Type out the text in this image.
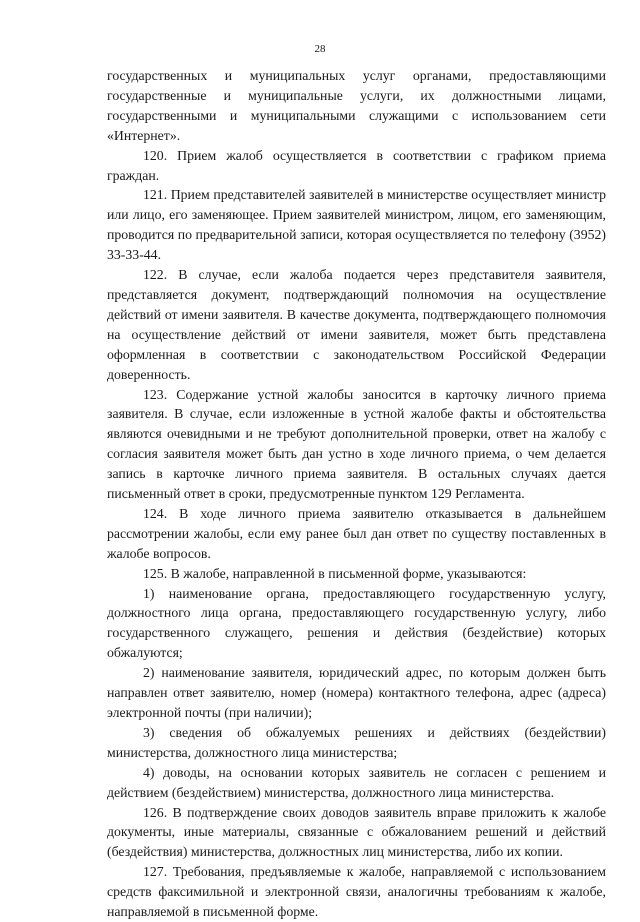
28

государственных и муниципальных услуг органами, предоставляющими государственные и муниципальные услуги, их должностными лицами, государственными и муниципальными служащими с использованием сети «Интернет».

120. Прием жалоб осуществляется в соответствии с графиком приема граждан.

121. Прием представителей заявителей в министерстве осуществляет министр или лицо, его заменяющее. Прием заявителей министром, лицом, его заменяющим, проводится по предварительной записи, которая осуществляется по телефону (3952) 33-33-44.

122. В случае, если жалоба подается через представителя заявителя, представляется документ, подтверждающий полномочия на осуществление действий от имени заявителя. В качестве документа, подтверждающего полномочия на осуществление действий от имени заявителя, может быть представлена оформленная в соответствии с законодательством Российской Федерации доверенность.

123. Содержание устной жалобы заносится в карточку личного приема заявителя. В случае, если изложенные в устной жалобе факты и обстоятельства являются очевидными и не требуют дополнительной проверки, ответ на жалобу с согласия заявителя может быть дан устно в ходе личного приема, о чем делается запись в карточке личного приема заявителя. В остальных случаях дается письменный ответ в сроки, предусмотренные пунктом 129 Регламента.

124. В ходе личного приема заявителю отказывается в дальнейшем рассмотрении жалобы, если ему ранее был дан ответ по существу поставленных в жалобе вопросов.

125. В жалобе, направленной в письменной форме, указываются:

1) наименование органа, предоставляющего государственную услугу, должностного лица органа, предоставляющего государственную услугу, либо государственного служащего, решения и действия (бездействие) которых обжалуются;

2) наименование заявителя, юридический адрес, по которым должен быть направлен ответ заявителю, номер (номера) контактного телефона, адрес (адреса) электронной почты (при наличии);

3) сведения об обжалуемых решениях и действиях (бездействии) министерства, должностного лица министерства;

4) доводы, на основании которых заявитель не согласен с решением и действием (бездействием) министерства, должностного лица министерства.

126. В подтверждение своих доводов заявитель вправе приложить к жалобе документы, иные материалы, связанные с обжалованием решений и действий (бездействия) министерства, должностных лиц министерства, либо их копии.

127. Требования, предъявляемые к жалобе, направляемой с использованием средств факсимильной и электронной связи, аналогичны требованиям к жалобе, направляемой в письменной форме.
